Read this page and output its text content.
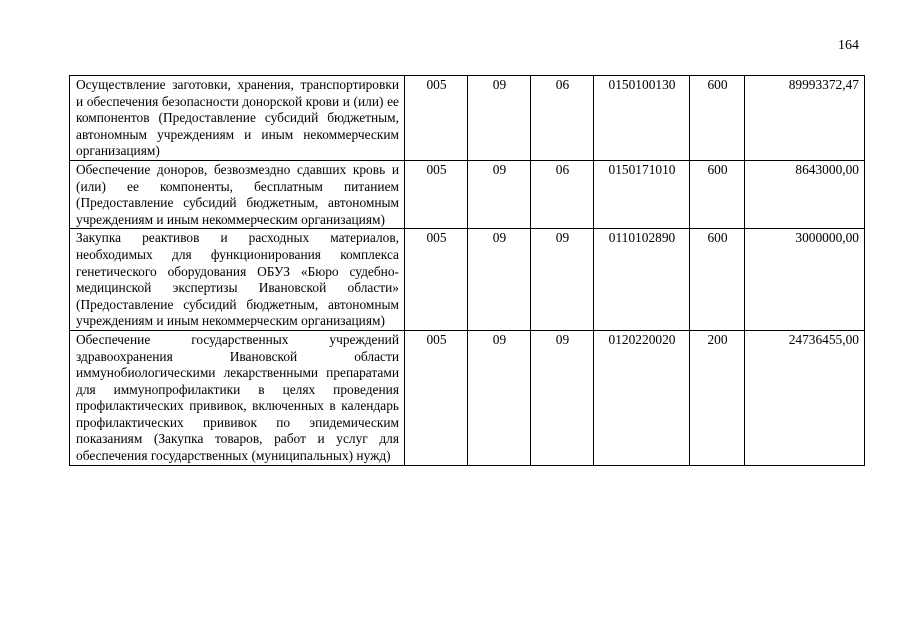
164
Осуществление заготовки, хранения, транспортировки и обеспечения безопасности донорской крови и (или) ее компонентов (Предоставление субсидий бюджетным, автономным учреждениям и иным некоммерческим организациям)	005	09	06	0150100130	600	89993372,47
Обеспечение доноров, безвозмездно сдавших кровь и (или) ее компоненты, бесплатным питанием (Предоставление субсидий бюджетным, автономным учреждениям и иным некоммерческим организациям)	005	09	06	0150171010	600	8643000,00
Закупка реактивов и расходных материалов, необходимых для функционирования комплекса генетического оборудования ОБУЗ «Бюро судебно-медицинской экспертизы Ивановской области» (Предоставление субсидий бюджетным, автономным учреждениям и иным некоммерческим организациям)	005	09	09	0110102890	600	3000000,00
Обеспечение государственных учреждений здравоохранения Ивановской области иммунобиологическими лекарственными препаратами для иммунопрофилактики в целях проведения профилактических прививок, включенных в календарь профилактических прививок по эпидемическим показаниям (Закупка товаров, работ и услуг для обеспечения государственных (муниципальных) нужд)	005	09	09	0120220020	200	24736455,00
